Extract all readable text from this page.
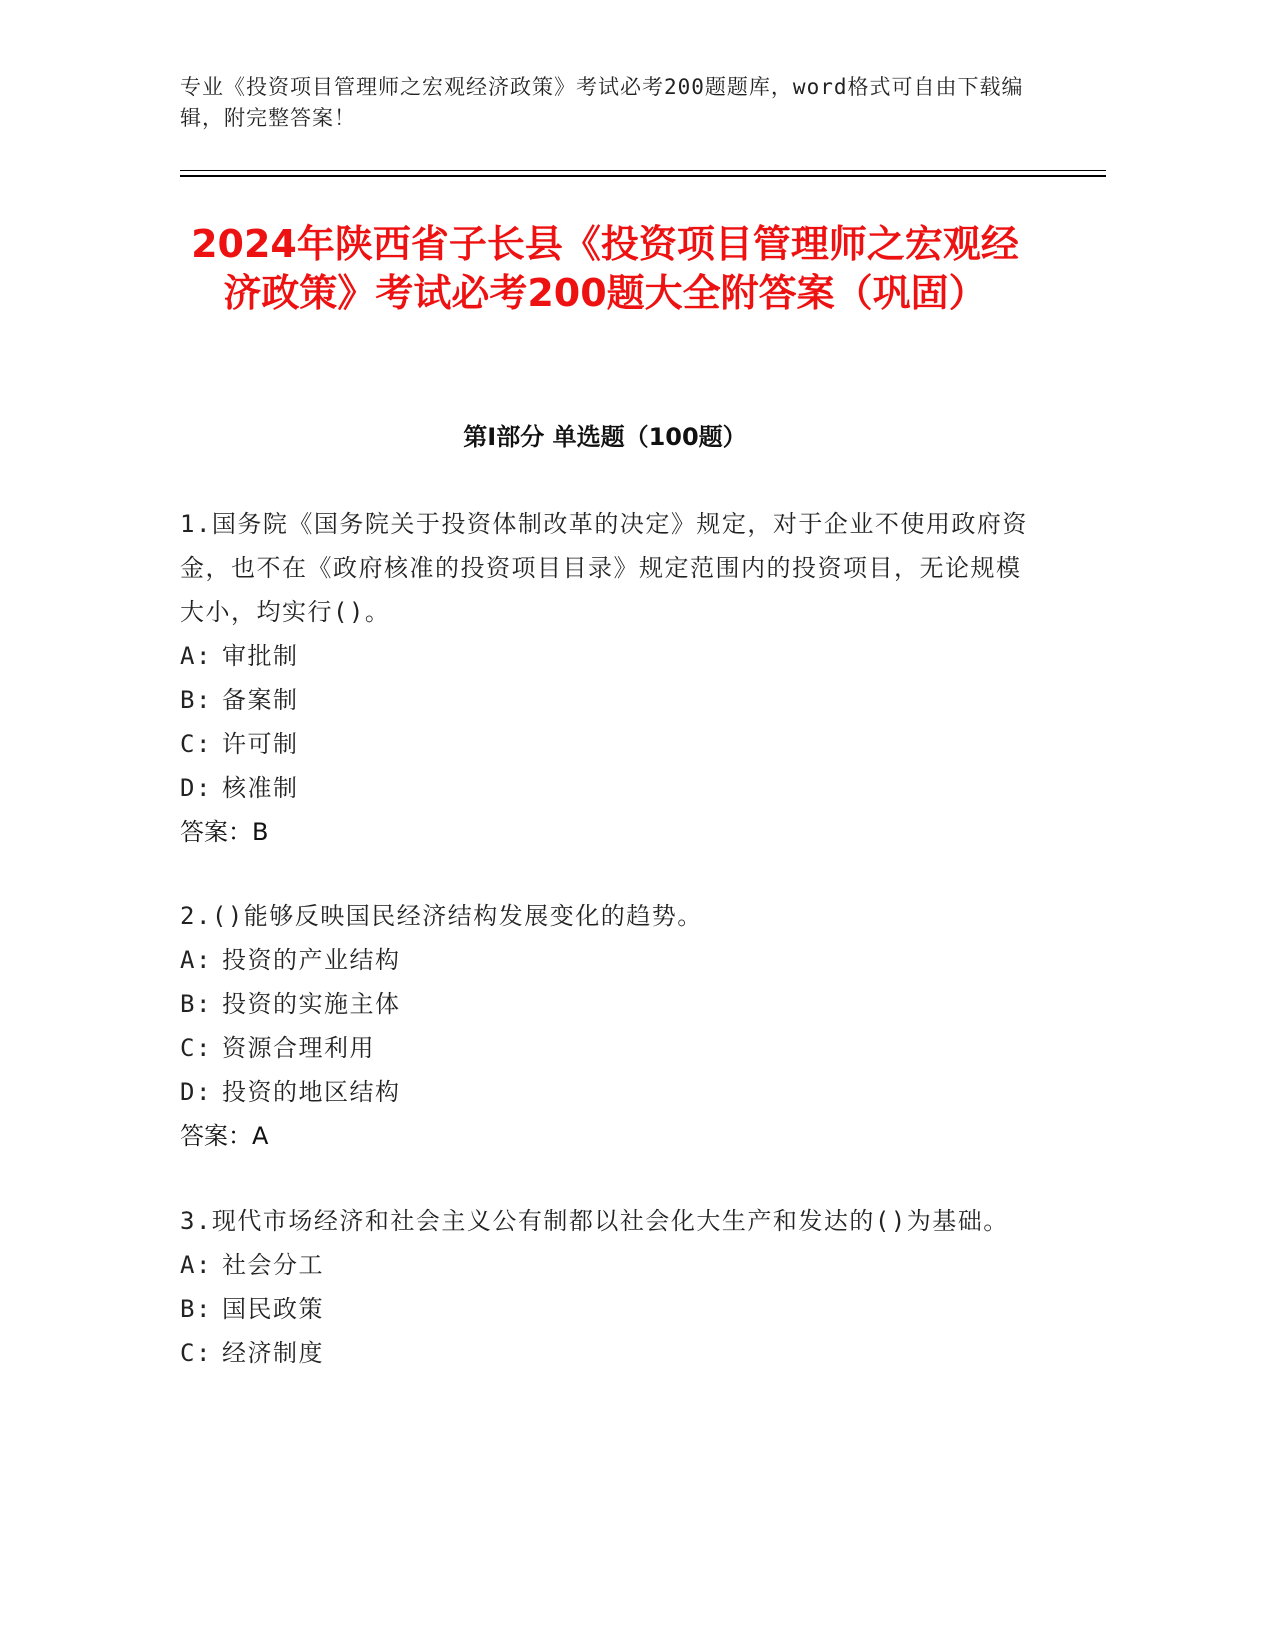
专业《投资项目管理师之宏观经济政策》考试必考200题题库，word格式可自由下载编辑，附完整答案！
2024年陕西省子长县《投资项目管理师之宏观经济政策》考试必考200题大全附答案（巩固）
第Ⅰ部分 单选题（100题）

1.国务院《国务院关于投资体制改革的决定》规定，对于企业不使用政府资金，也不在《政府核准的投资项目目录》规定范围内的投资项目，无论规模大小，均实行()。

A: 审批制
B: 备案制
C: 许可制
D: 核准制
答案：B

2.()能够反映国民经济结构发展变化的趋势。

A: 投资的产业结构
B: 投资的实施主体
C: 资源合理利用
D: 投资的地区结构
答案：A

3.现代市场经济和社会主义公有制都以社会化大生产和发达的()为基础。

A: 社会分工
B: 国民政策
C: 经济制度
